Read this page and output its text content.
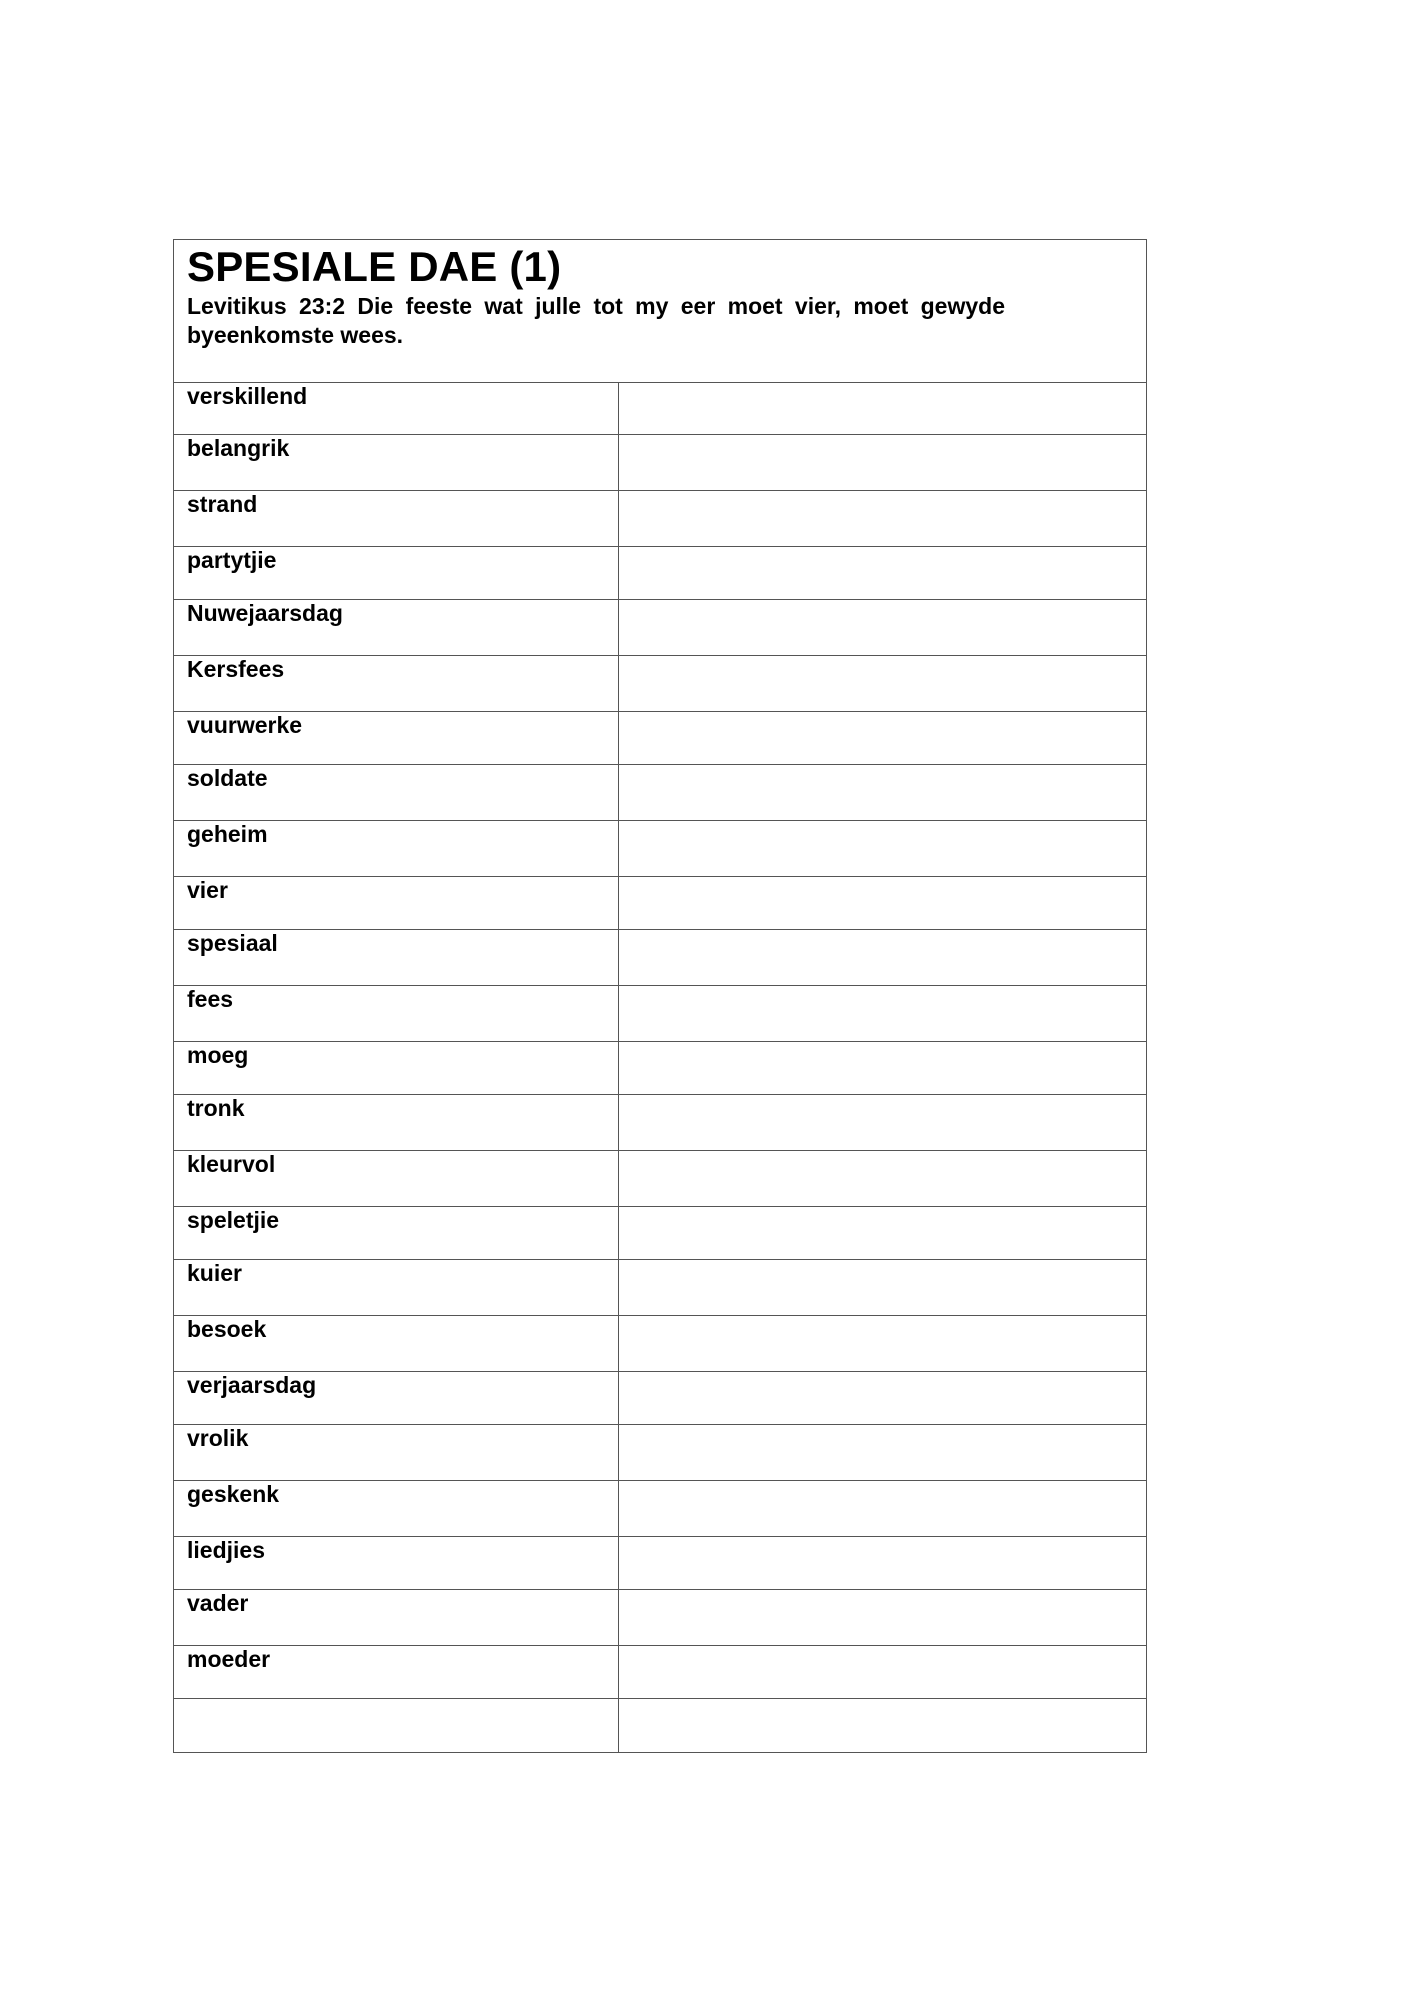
SPESIALE DAE (1)

Levitikus 23:2 Die feeste wat julle tot my eer moet vier, moet gewyde byeenkomste wees.

verskillend
belangrik
strand
partytjie
Nuwejaarsdag
Kersfees
vuurwerke
soldate
geheim
vier
spesiaal
fees
moeg
tronk
kleurvol
speletjie
kuier
besoek
verjaarsdag
vrolik
geskenk
liedjies
vader
moeder
